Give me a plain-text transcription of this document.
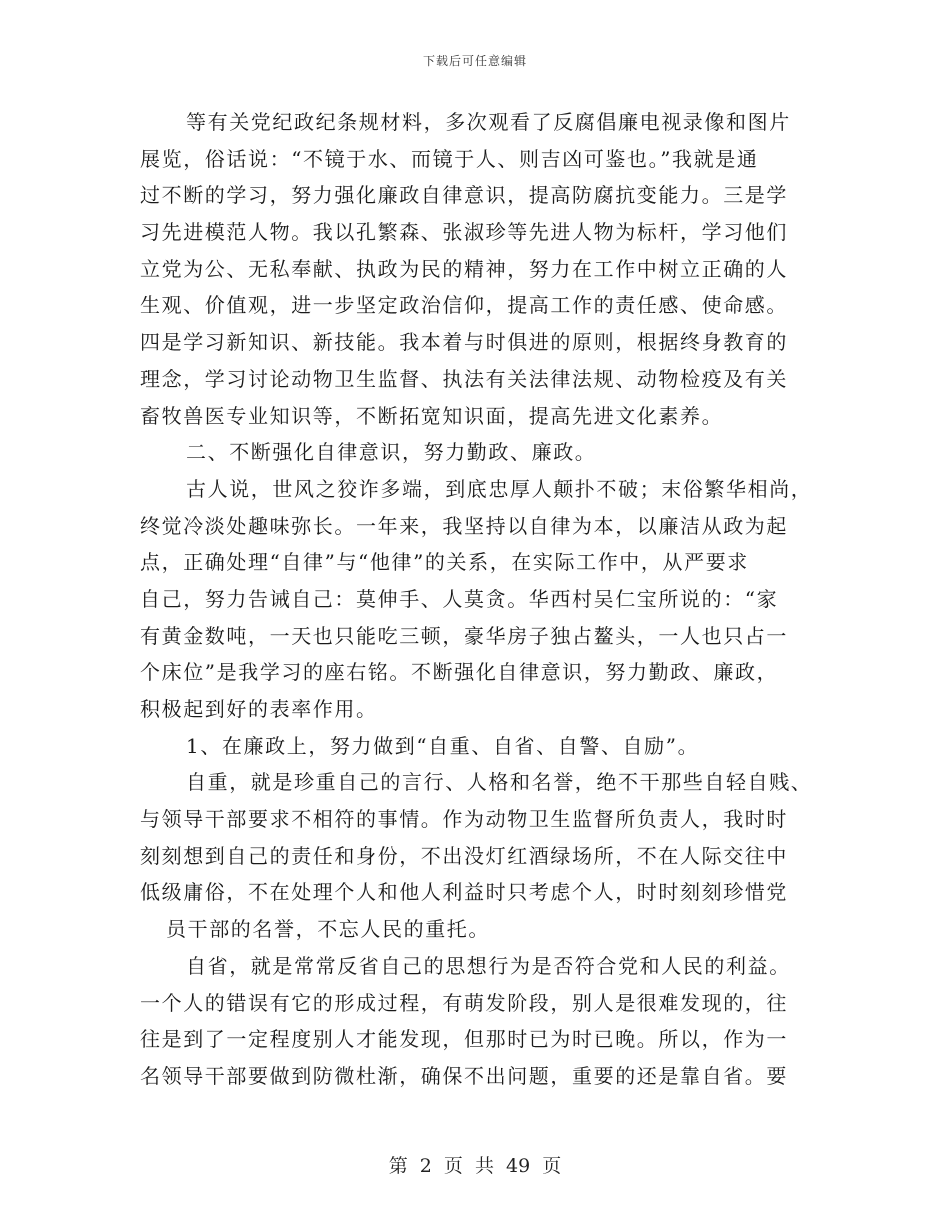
下载后可任意编辑
等有关党纪政纪条规材料，多次观看了反腐倡廉电视录像和图片
展览，俗话说：“不镜于水、而镜于人、则吉凶可鉴也。”我就是通
过不断的学习，努力强化廉政自律意识，提高防腐抗变能力。三是学
习先进模范人物。我以孔繁森、张淑珍等先进人物为标杆，学习他们
立党为公、无私奉献、执政为民的精神，努力在工作中树立正确的人
生观、价值观，进一步坚定政治信仰，提高工作的责任感、使命感。
四是学习新知识、新技能。我本着与时俱进的原则，根据终身教育的
理念，学习讨论动物卫生监督、执法有关法律法规、动物检疫及有关
畜牧兽医专业知识等，不断拓宽知识面，提高先进文化素养。
二、不断强化自律意识，努力勤政、廉政。
古人说，世风之狡诈多端，到底忠厚人颠扑不破；末俗繁华相尚，
终觉冷淡处趣味弥长。一年来，我坚持以自律为本，以廉洁从政为起
点，正确处理“自律”与“他律”的关系，在实际工作中，从严要求
自己，努力告诫自己：莫伸手、人莫贪。华西村吴仁宝所说的：“家
有黄金数吨，一天也只能吃三顿，豪华房子独占鳌头，一人也只占一
个床位”是我学习的座右铭。不断强化自律意识，努力勤政、廉政，
积极起到好的表率作用。
1、在廉政上，努力做到“自重、自省、自警、自励”。
自重，就是珍重自己的言行、人格和名誉，绝不干那些自轻自贱、
与领导干部要求不相符的事情。作为动物卫生监督所负责人，我时时
刻刻想到自己的责任和身份，不出没灯红酒绿场所，不在人际交往中
低级庸俗，不在处理个人和他人利益时只考虑个人，时时刻刻珍惜党
员干部的名誉，不忘人民的重托。
自省，就是常常反省自己的思想行为是否符合党和人民的利益。
一个人的错误有它的形成过程，有萌发阶段，别人是很难发现的，往
往是到了一定程度别人才能发现，但那时已为时已晚。所以，作为一
名领导干部要做到防微杜渐，确保不出问题，重要的还是靠自省。要
第 2 页 共 49 页
